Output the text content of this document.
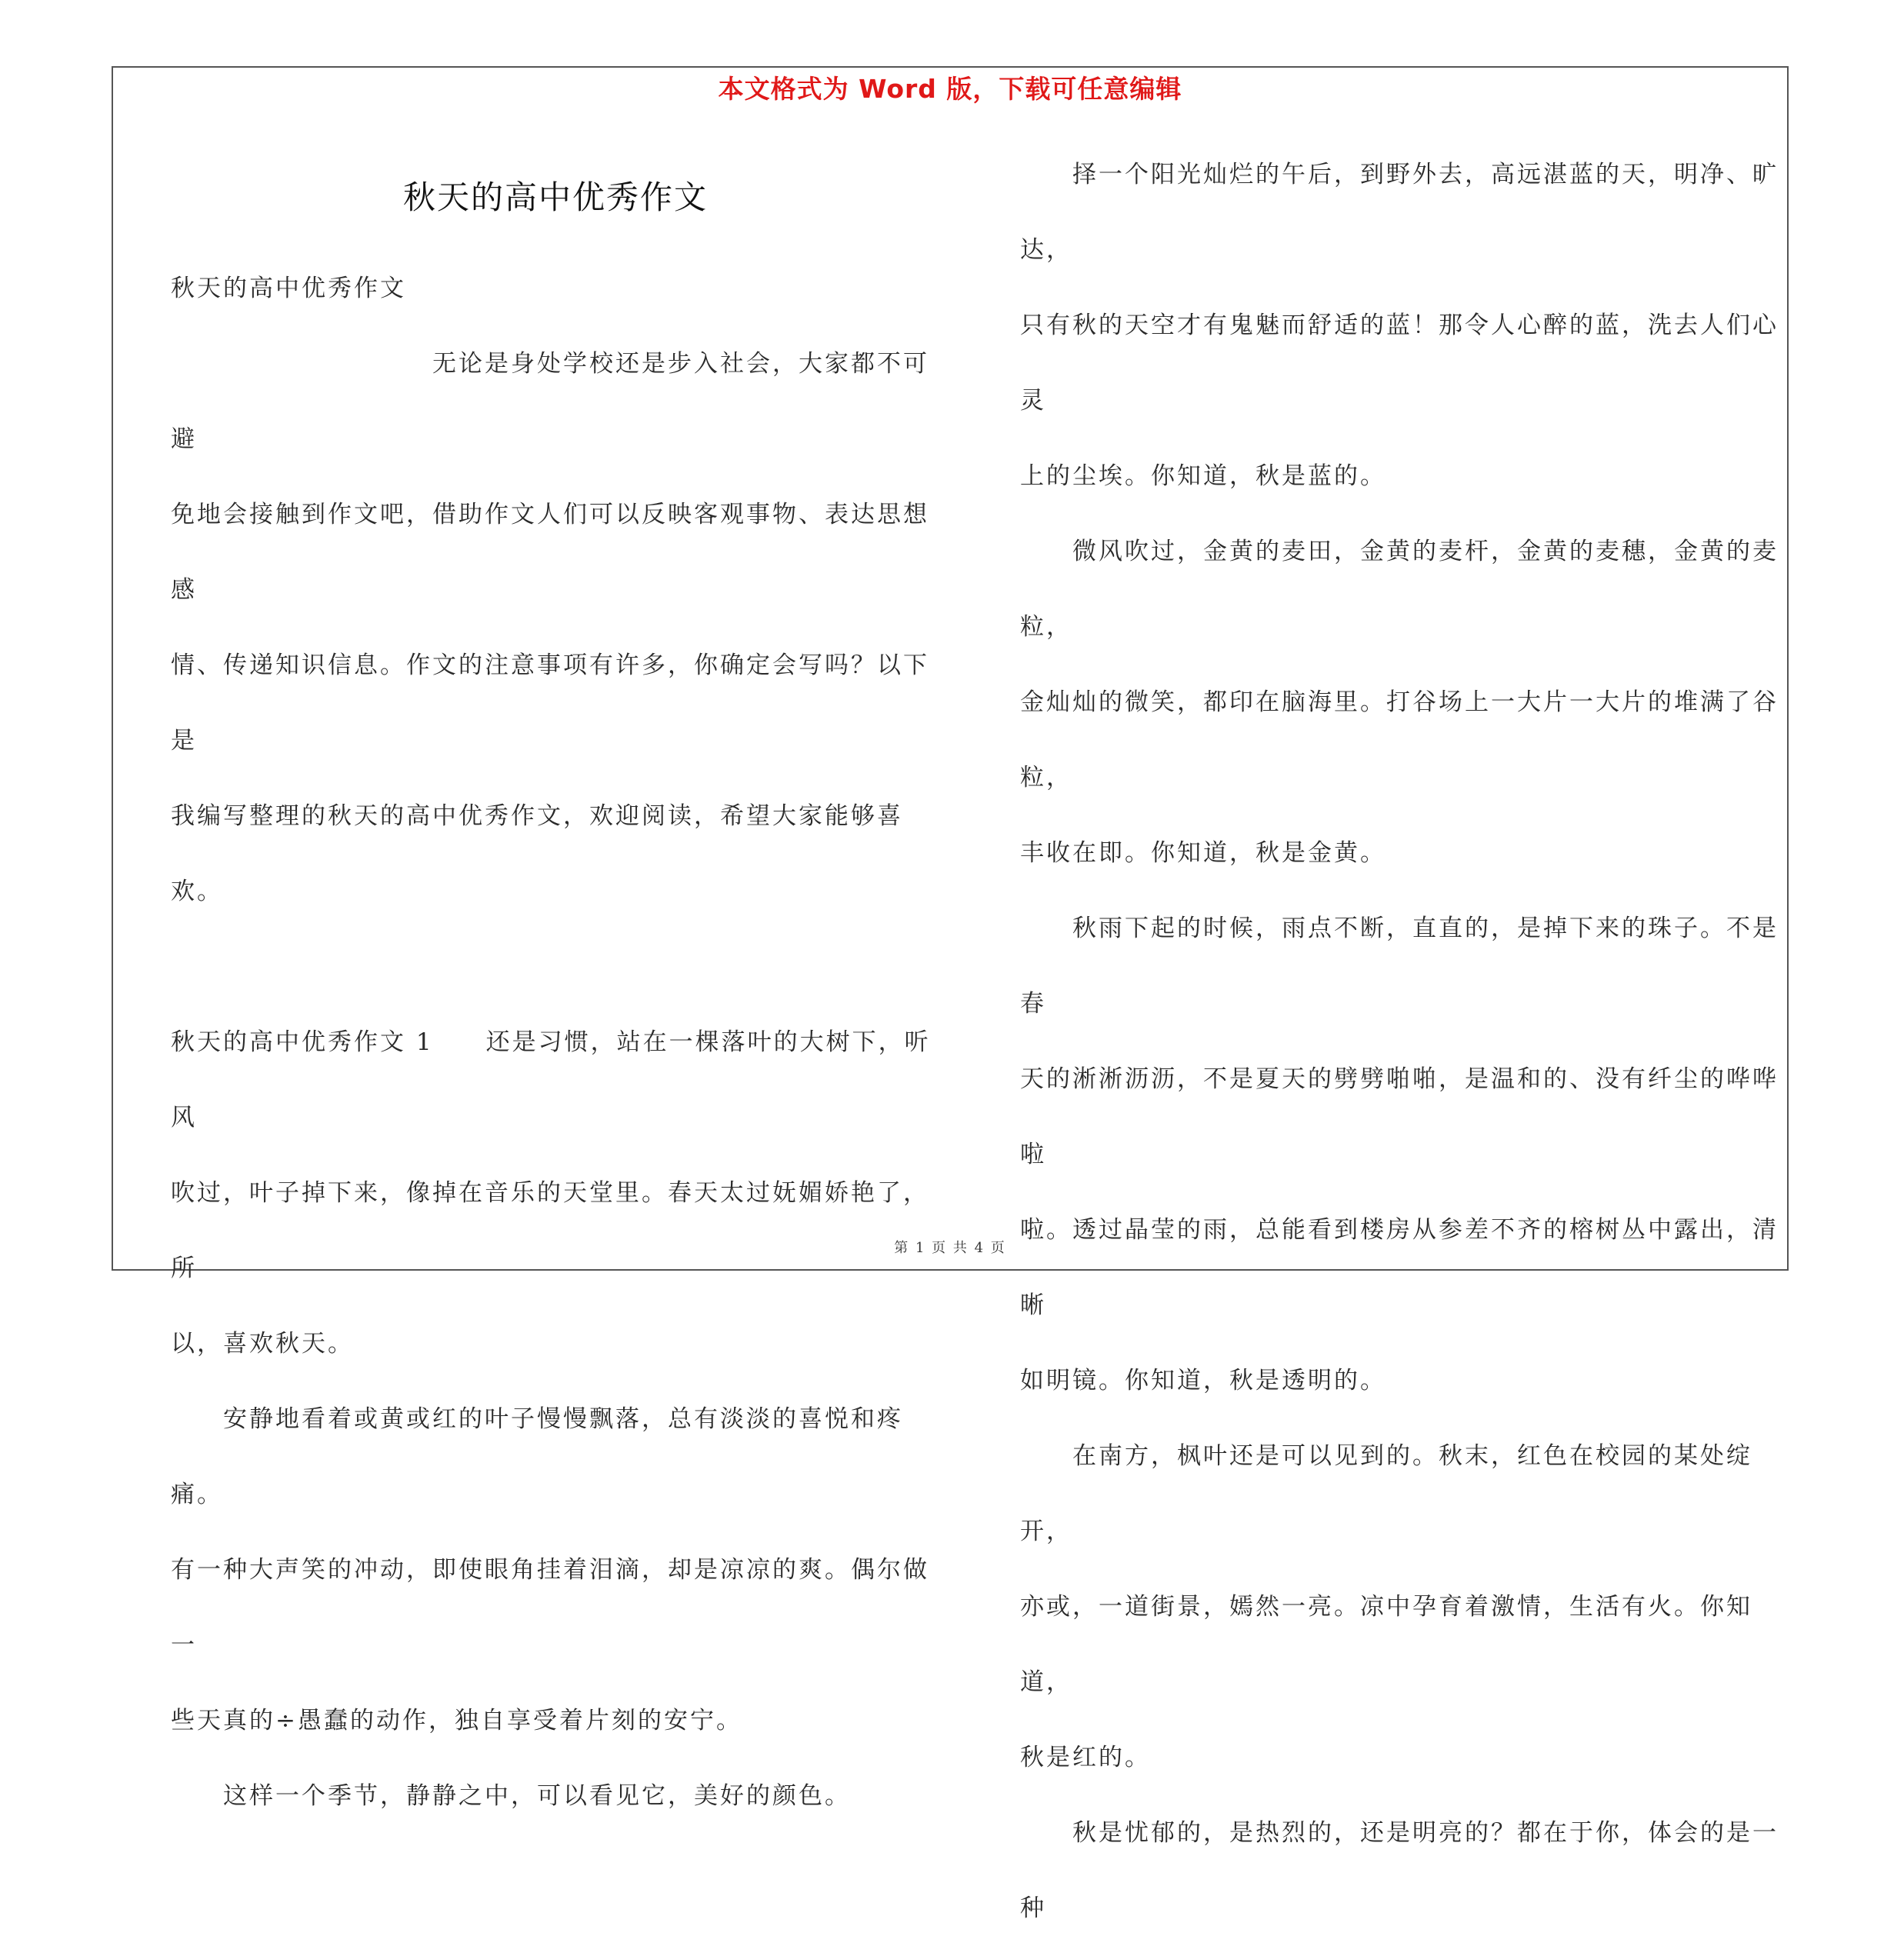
本文格式为 Word 版，下载可任意编辑
秋天的高中优秀作文

秋天的高中优秀作文

　　　　　　　　　　无论是身处学校还是步入社会，大家都不可避

免地会接触到作文吧，借助作文人们可以反映客观事物、表达思想感

情、传递知识信息。作文的注意事项有许多，你确定会写吗？以下是

我编写整理的秋天的高中优秀作文，欢迎阅读，希望大家能够喜欢。

秋天的高中优秀作文 1　　还是习惯，站在一棵落叶的大树下，听风

吹过，叶子掉下来，像掉在音乐的天堂里。春天太过妩媚娇艳了，所

以，喜欢秋天。

　　安静地看着或黄或红的叶子慢慢飘落，总有淡淡的喜悦和疼痛。

有一种大声笑的冲动，即使眼角挂着泪滴，却是凉凉的爽。偶尔做一

些天真的÷愚蠢的动作，独自享受着片刻的安宁。

　　这样一个季节，静静之中，可以看见它，美好的颜色。

　　择一个阳光灿烂的午后，到野外去，高远湛蓝的天，明净、旷达，

只有秋的天空才有鬼魅而舒适的蓝！那令人心醉的蓝，洗去人们心灵

上的尘埃。你知道，秋是蓝的。

　　微风吹过，金黄的麦田，金黄的麦杆，金黄的麦穗，金黄的麦粒，

金灿灿的微笑，都印在脑海里。打谷场上一大片一大片的堆满了谷粒，

丰收在即。你知道，秋是金黄。

　　秋雨下起的时候，雨点不断，直直的，是掉下来的珠子。不是春

天的淅淅沥沥，不是夏天的劈劈啪啪，是温和的、没有纤尘的哗哗啦

啦。透过晶莹的雨，总能看到楼房从参差不齐的榕树丛中露出，清晰

如明镜。你知道，秋是透明的。

　　在南方，枫叶还是可以见到的。秋末，红色在校园的某处绽开，

亦或，一道街景，嫣然一亮。凉中孕育着激情，生活有火。你知道，

秋是红的。

　　秋是忧郁的，是热烈的，还是明亮的？都在于你，体会的是一种

第 1 页 共 4 页
